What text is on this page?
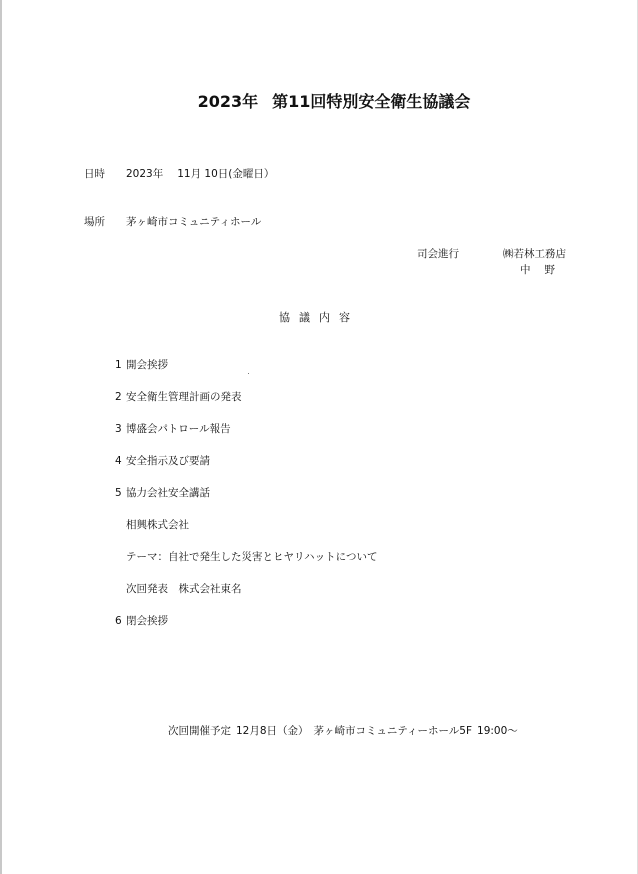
2023年 第11回特別安全衛生協議会
日時 2023年 11月 10日(金曜日）
場所 茅ヶ崎市コミュニティホール
司会進行	㈱若林工務店
中 野
協議内容
1 開会挨拶
2 安全衛生管理計画の発表
3 博盛会パトロール報告
4 安全指示及び要請
5 協力会社安全講話
相興株式会社
テーマ：自社で発生した災害とヒヤリハットについて
次回発表　株式会社東名
6 閉会挨拶
次回開催予定 12月8日（金） 茅ヶ崎市コミュニティーホール5F 19:00～
